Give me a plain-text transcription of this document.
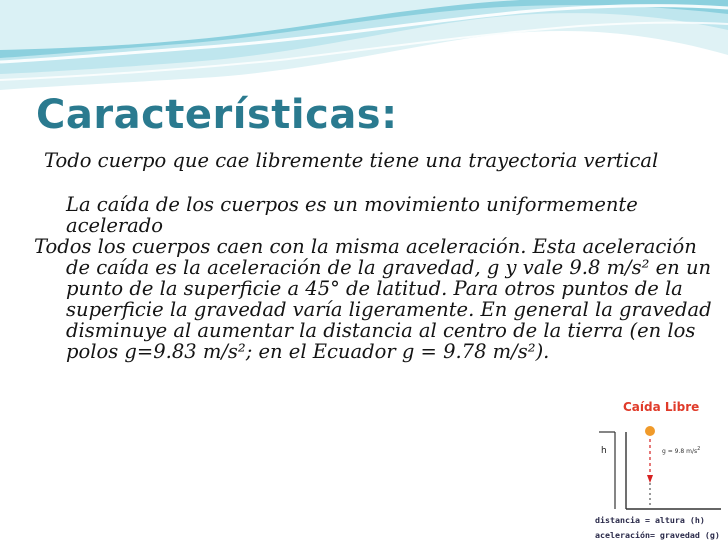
Características:

Todo cuerpo que cae libremente tiene una trayectoria vertical

La caída de los cuerpos es un movimiento uniformemente acelerado

Todos los cuerpos caen con la misma aceleración. Esta aceleración de caída es la aceleración de la gravedad, g y vale 9.8 m/s² en un punto de la superficie a 45° de latitud. Para otros puntos de la superficie la gravedad varía ligeramente. En general la gravedad disminuye al aumentar la distancia al centro de la tierra (en los polos g=9.83 m/s²; en el Ecuador g = 9.78 m/s²).

Caída Libre
h	g = 9.8 $m/s^2$
distancia = altura (h)
aceleración= gravedad (g)
